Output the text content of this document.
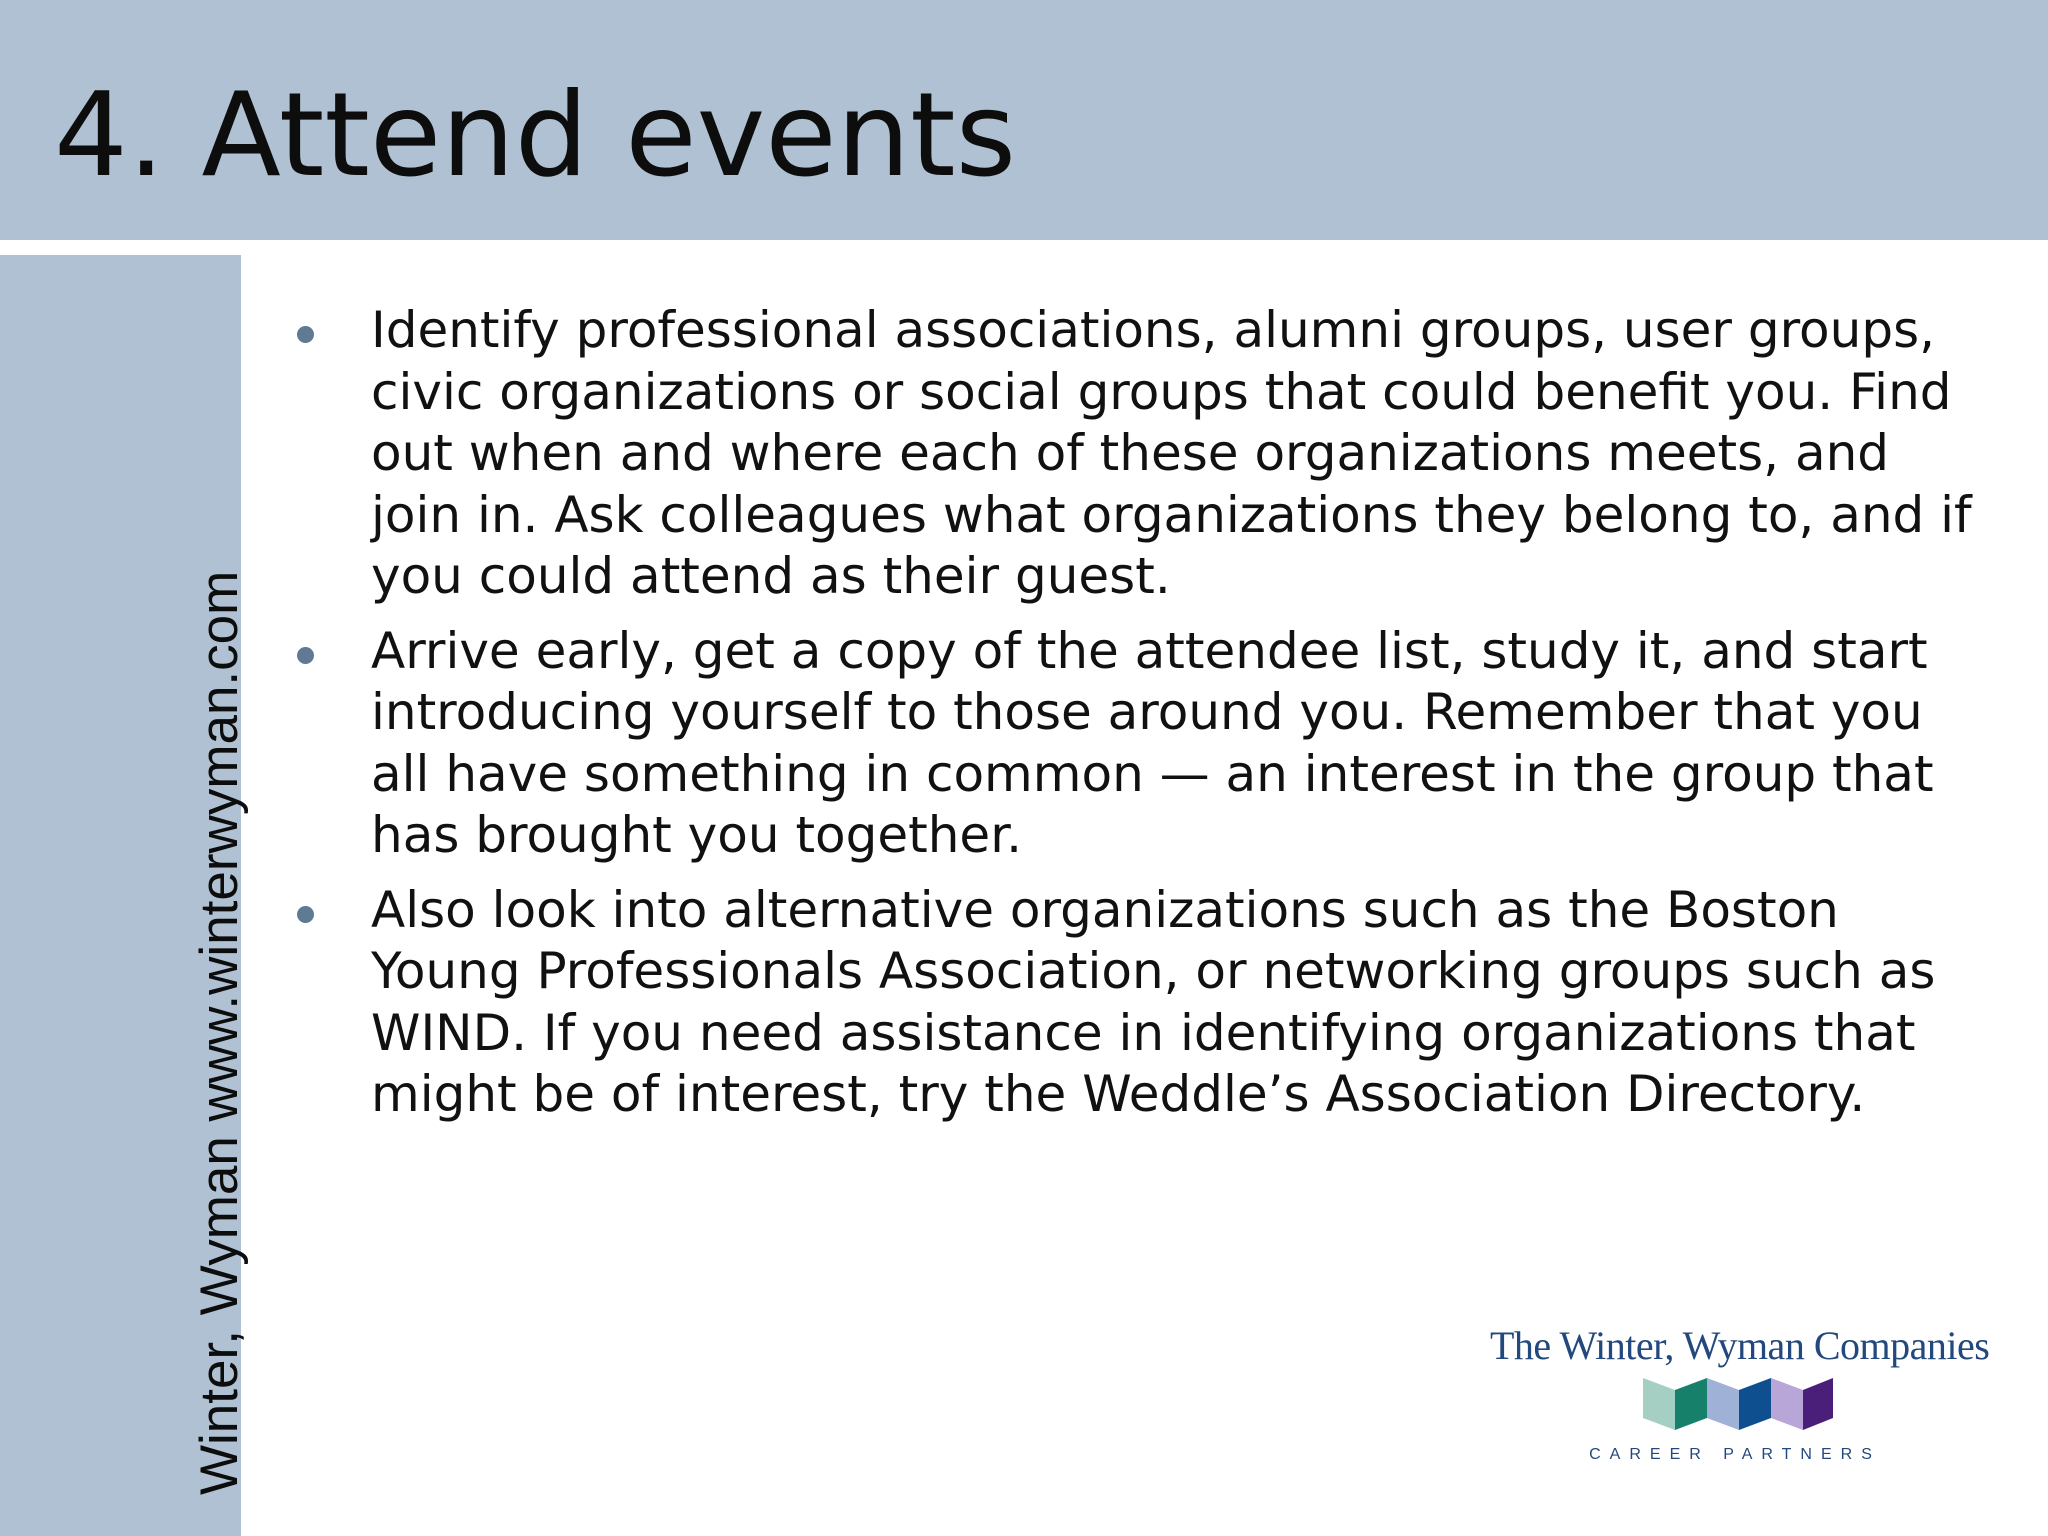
4. Attend events
Winter, Wyman www.winterwyman.com
Identify professional associations, alumni groups, user groups, civic organizations or social groups that could benefit you. Find out when and where each of these organizations meets, and join in. Ask colleagues what organizations they belong to, and if you could attend as their guest.
Arrive early, get a copy of the attendee list, study it, and start introducing yourself to those around you. Remember that you all have something in common — an interest in the group that has brought you together.
Also look into alternative organizations such as the Boston Young Professionals Association, or networking groups such as WIND. If you need assistance in identifying organizations that might be of interest, try the Weddle’s Association Directory.
The Winter, Wyman Companies
CAREER PARTNERS
